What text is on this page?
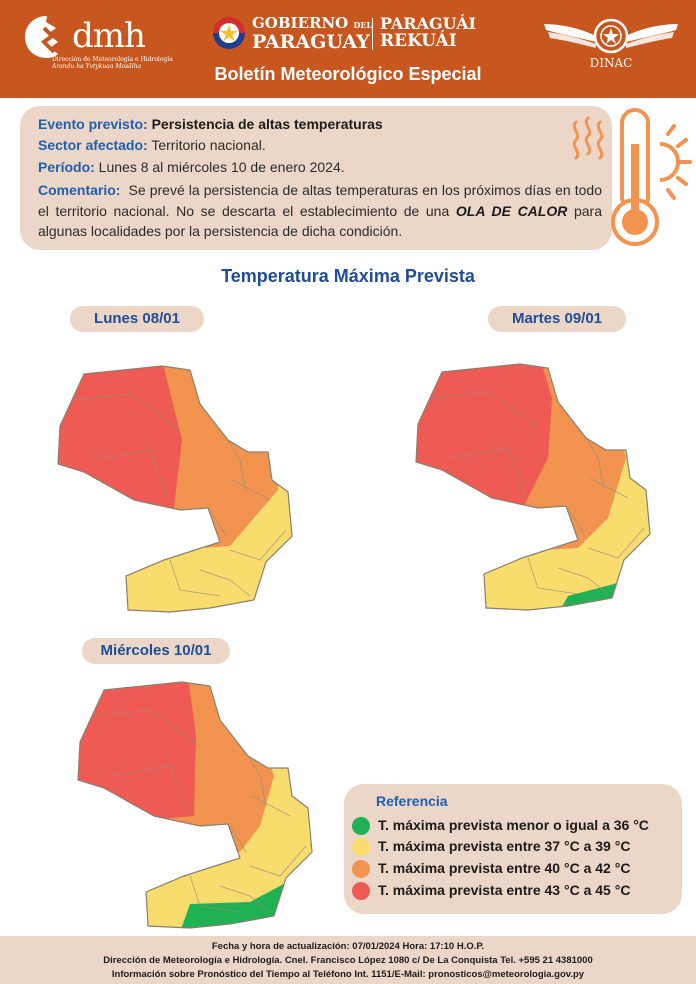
dmh
Dirección de Meteorología e Hidrología
Arandu ha Yvtykuaa Mosãiha
GOBIERNO DEL
PARAGUAY
PARAGUÁI
REKUÁI
DINAC
Boletín Meteorológico Especial
Evento previsto: Persistencia de altas temperaturas
Sector afectado: Territorio nacional.
Período: Lunes 8 al miércoles 10 de enero 2024.
Comentario: Se prevé la persistencia de altas temperaturas en los próximos días en todo el territorio nacional. No se descarta el establecimiento de una OLA DE CALOR para algunas localidades por la persistencia de dicha condición.
Temperatura Máxima Prevista
Lunes 08/01	Martes 09/01
Miércoles 10/01
Referencia
T. máxima prevista menor o igual a 36 °C
T. máxima prevista entre 37 °C a 39 °C
T. máxima prevista entre 40 °C a 42 °C
T. máxima prevista entre 43 °C a 45 °C
Fecha y hora de actualización: 07/01/2024 Hora: 17:10 H.O.P.
Dirección de Meteorología e Hidrología. Cnel. Francisco López 1080 c/ De La Conquista Tel. +595 21 4381000
Información sobre Pronóstico del Tiempo al Teléfono Int. 1151/E-Mail: pronosticos@meteorologia.gov.py
